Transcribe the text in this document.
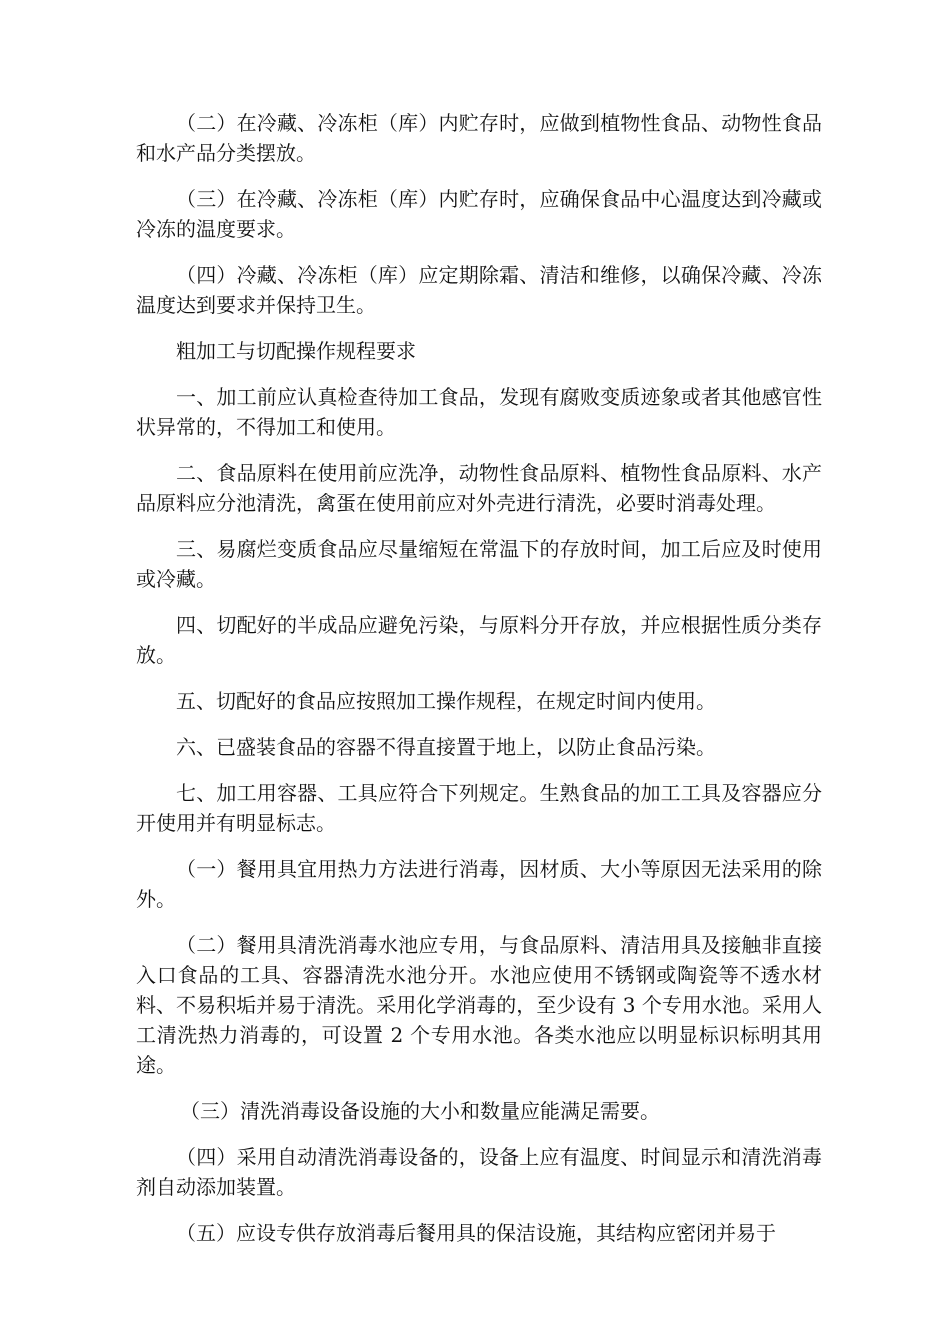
（二）在冷藏、冷冻柜（库）内贮存时，应做到植物性食品、动物性食品和水产品分类摆放。

（三）在冷藏、冷冻柜（库）内贮存时，应确保食品中心温度达到冷藏或冷冻的温度要求。

（四）冷藏、冷冻柜（库）应定期除霜、清洁和维修，以确保冷藏、冷冻温度达到要求并保持卫生。

粗加工与切配操作规程要求

一、加工前应认真检查待加工食品，发现有腐败变质迹象或者其他感官性状异常的，不得加工和使用。

二、食品原料在使用前应洗净，动物性食品原料、植物性食品原料、水产品原料应分池清洗，禽蛋在使用前应对外壳进行清洗，必要时消毒处理。

三、易腐烂变质食品应尽量缩短在常温下的存放时间，加工后应及时使用或冷藏。

四、切配好的半成品应避免污染，与原料分开存放，并应根据性质分类存放。

五、切配好的食品应按照加工操作规程，在规定时间内使用。

六、已盛装食品的容器不得直接置于地上，以防止食品污染。

七、加工用容器、工具应符合下列规定。生熟食品的加工工具及容器应分开使用并有明显标志。

（一）餐用具宜用热力方法进行消毒，因材质、大小等原因无法采用的除外。

（二）餐用具清洗消毒水池应专用，与食品原料、清洁用具及接触非直接入口食品的工具、容器清洗水池分开。水池应使用不锈钢或陶瓷等不透水材料、不易积垢并易于清洗。采用化学消毒的，至少设有 3 个专用水池。采用人工清洗热力消毒的，可设置 2 个专用水池。各类水池应以明显标识标明其用途。

（三）清洗消毒设备设施的大小和数量应能满足需要。

（四）采用自动清洗消毒设备的，设备上应有温度、时间显示和清洗消毒剂自动添加装置。

（五）应设专供存放消毒后餐用具的保洁设施，其结构应密闭并易于
